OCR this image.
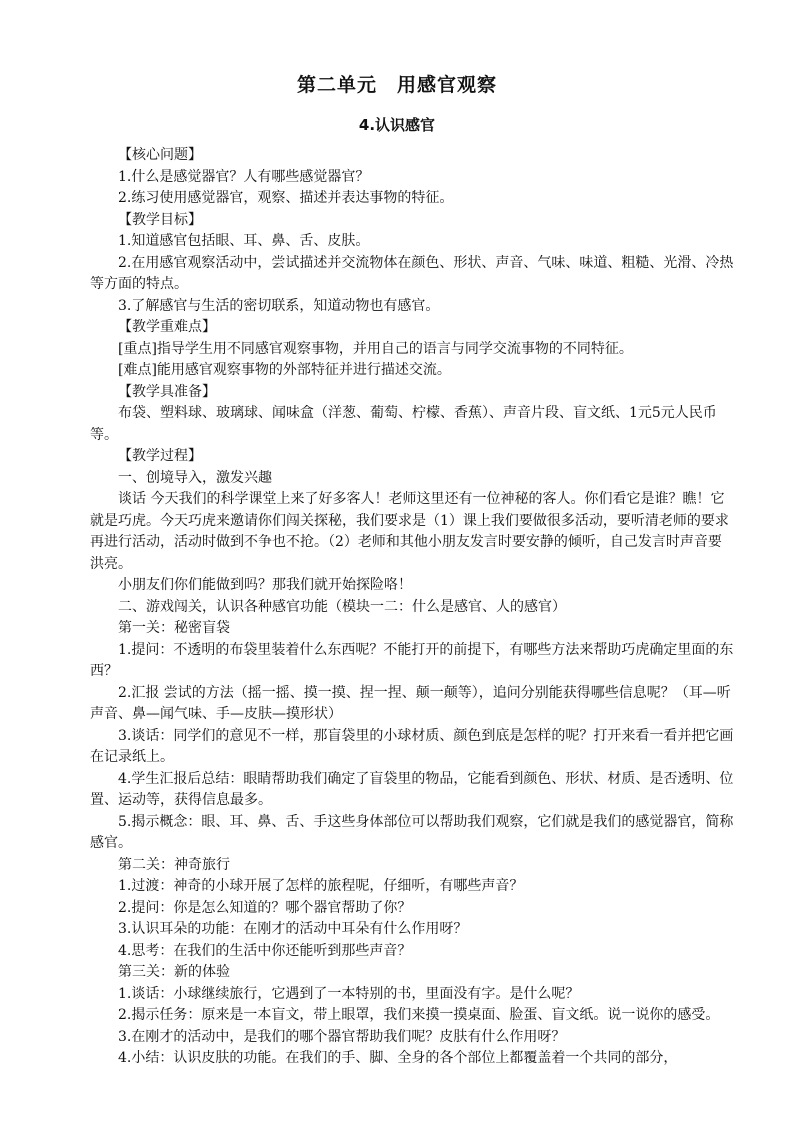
第二单元　用感官观察
4.认识感官

【核心问题】

1.什么是感觉器官？人有哪些感觉器官？

2.练习使用感觉器官，观察、描述并表达事物的特征。

【教学目标】

1.知道感官包括眼、耳、鼻、舌、皮肤。

2.在用感官观察活动中，尝试描述并交流物体在颜色、形状、声音、气味、味道、粗糙、光滑、冷热等方面的特点。

3.了解感官与生活的密切联系，知道动物也有感官。

【教学重难点】

[重点]指导学生用不同感官观察事物，并用自己的语言与同学交流事物的不同特征。

[难点]能用感官观察事物的外部特征并进行描述交流。

【教学具准备】

布袋、塑料球、玻璃球、闻味盒（洋葱、葡萄、柠檬、香蕉）、声音片段、盲文纸、1元5元人民币等。

【教学过程】

一、创境导入，激发兴趣

谈话 今天我们的科学课堂上来了好多客人！老师这里还有一位神秘的客人。你们看它是谁？瞧！它就是巧虎。今天巧虎来邀请你们闯关探秘，我们要求是（1）课上我们要做很多活动，要听清老师的要求再进行活动，活动时做到不争也不抢。（2）老师和其他小朋友发言时要安静的倾听，自己发言时声音要洪亮。

小朋友们你们能做到吗？那我们就开始探险咯！

二、游戏闯关，认识各种感官功能（模块一二：什么是感官、人的感官）

第一关：秘密盲袋

1.提问：不透明的布袋里装着什么东西呢？不能打开的前提下，有哪些方法来帮助巧虎确定里面的东西？

2.汇报 尝试的方法（摇一摇、摸一摸、捏一捏、颠一颠等），追问分别能获得哪些信息呢？（耳—听声音、鼻—闻气味、手—皮肤—摸形状）

3.谈话：同学们的意见不一样，那盲袋里的小球材质、颜色到底是怎样的呢？打开来看一看并把它画在记录纸上。

4.学生汇报后总结：眼睛帮助我们确定了盲袋里的物品，它能看到颜色、形状、材质、是否透明、位置、运动等，获得信息最多。

5.揭示概念：眼、耳、鼻、舌、手这些身体部位可以帮助我们观察，它们就是我们的感觉器官，简称感官。

第二关：神奇旅行

1.过渡：神奇的小球开展了怎样的旅程呢，仔细听，有哪些声音？

2.提问：你是怎么知道的？哪个器官帮助了你？

3.认识耳朵的功能：在刚才的活动中耳朵有什么作用呀？

4.思考：在我们的生活中你还能听到那些声音？

第三关：新的体验

1.谈话：小球继续旅行，它遇到了一本特别的书，里面没有字。是什么呢？

2.揭示任务：原来是一本盲文，带上眼罩，我们来摸一摸桌面、脸蛋、盲文纸。说一说你的感受。

3.在刚才的活动中，是我们的哪个器官帮助我们呢？皮肤有什么作用呀？

4.小结：认识皮肤的功能。在我们的手、脚、全身的各个部位上都覆盖着一个共同的部分，
